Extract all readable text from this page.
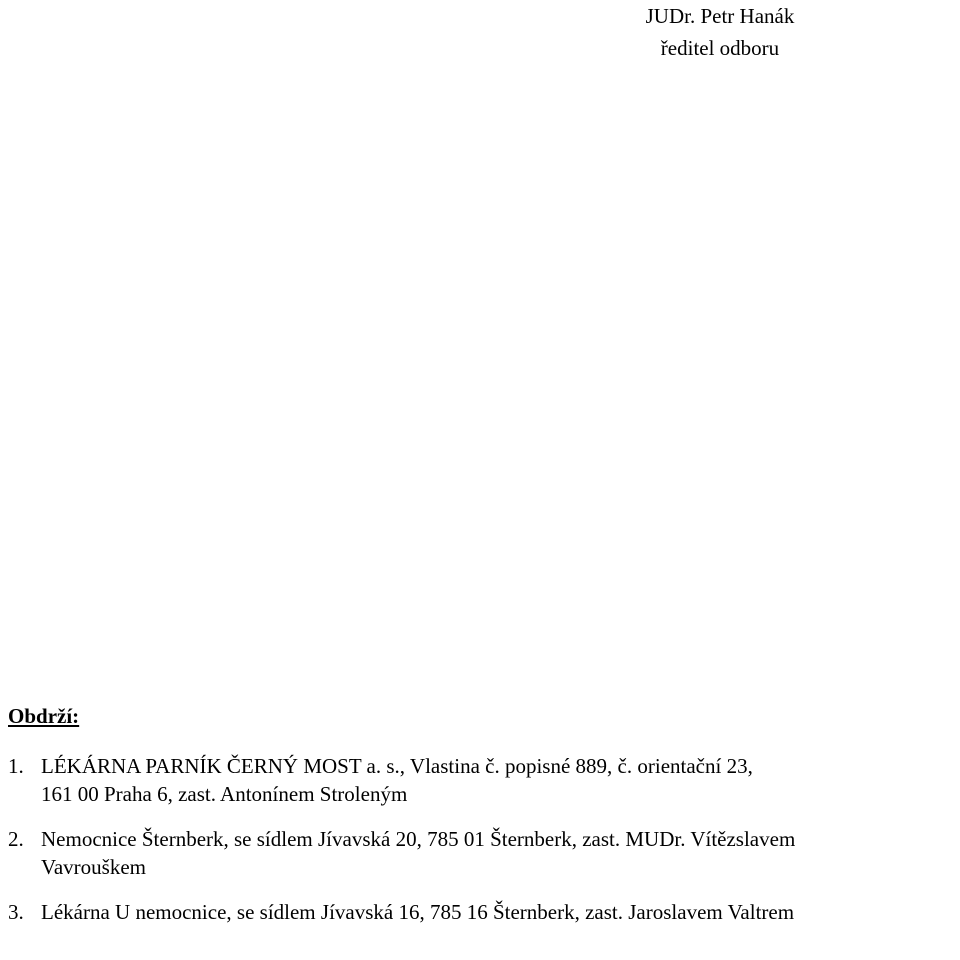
JUDr. Petr Hanák
ředitel odboru
Obdrží:
1. LÉKÁRNA PARNÍK ČERNÝ MOST a. s., Vlastina č. popisné 889, č. orientační 23,
161 00 Praha 6, zast. Antonínem Stroleným
2. Nemocnice Šternberk, se sídlem Jívavská 20, 785 01 Šternberk, zast. MUDr. Vítězslavem
Vavrouškem
3. Lékárna U nemocnice, se sídlem Jívavská 16, 785 16 Šternberk, zast. Jaroslavem Valtrem
